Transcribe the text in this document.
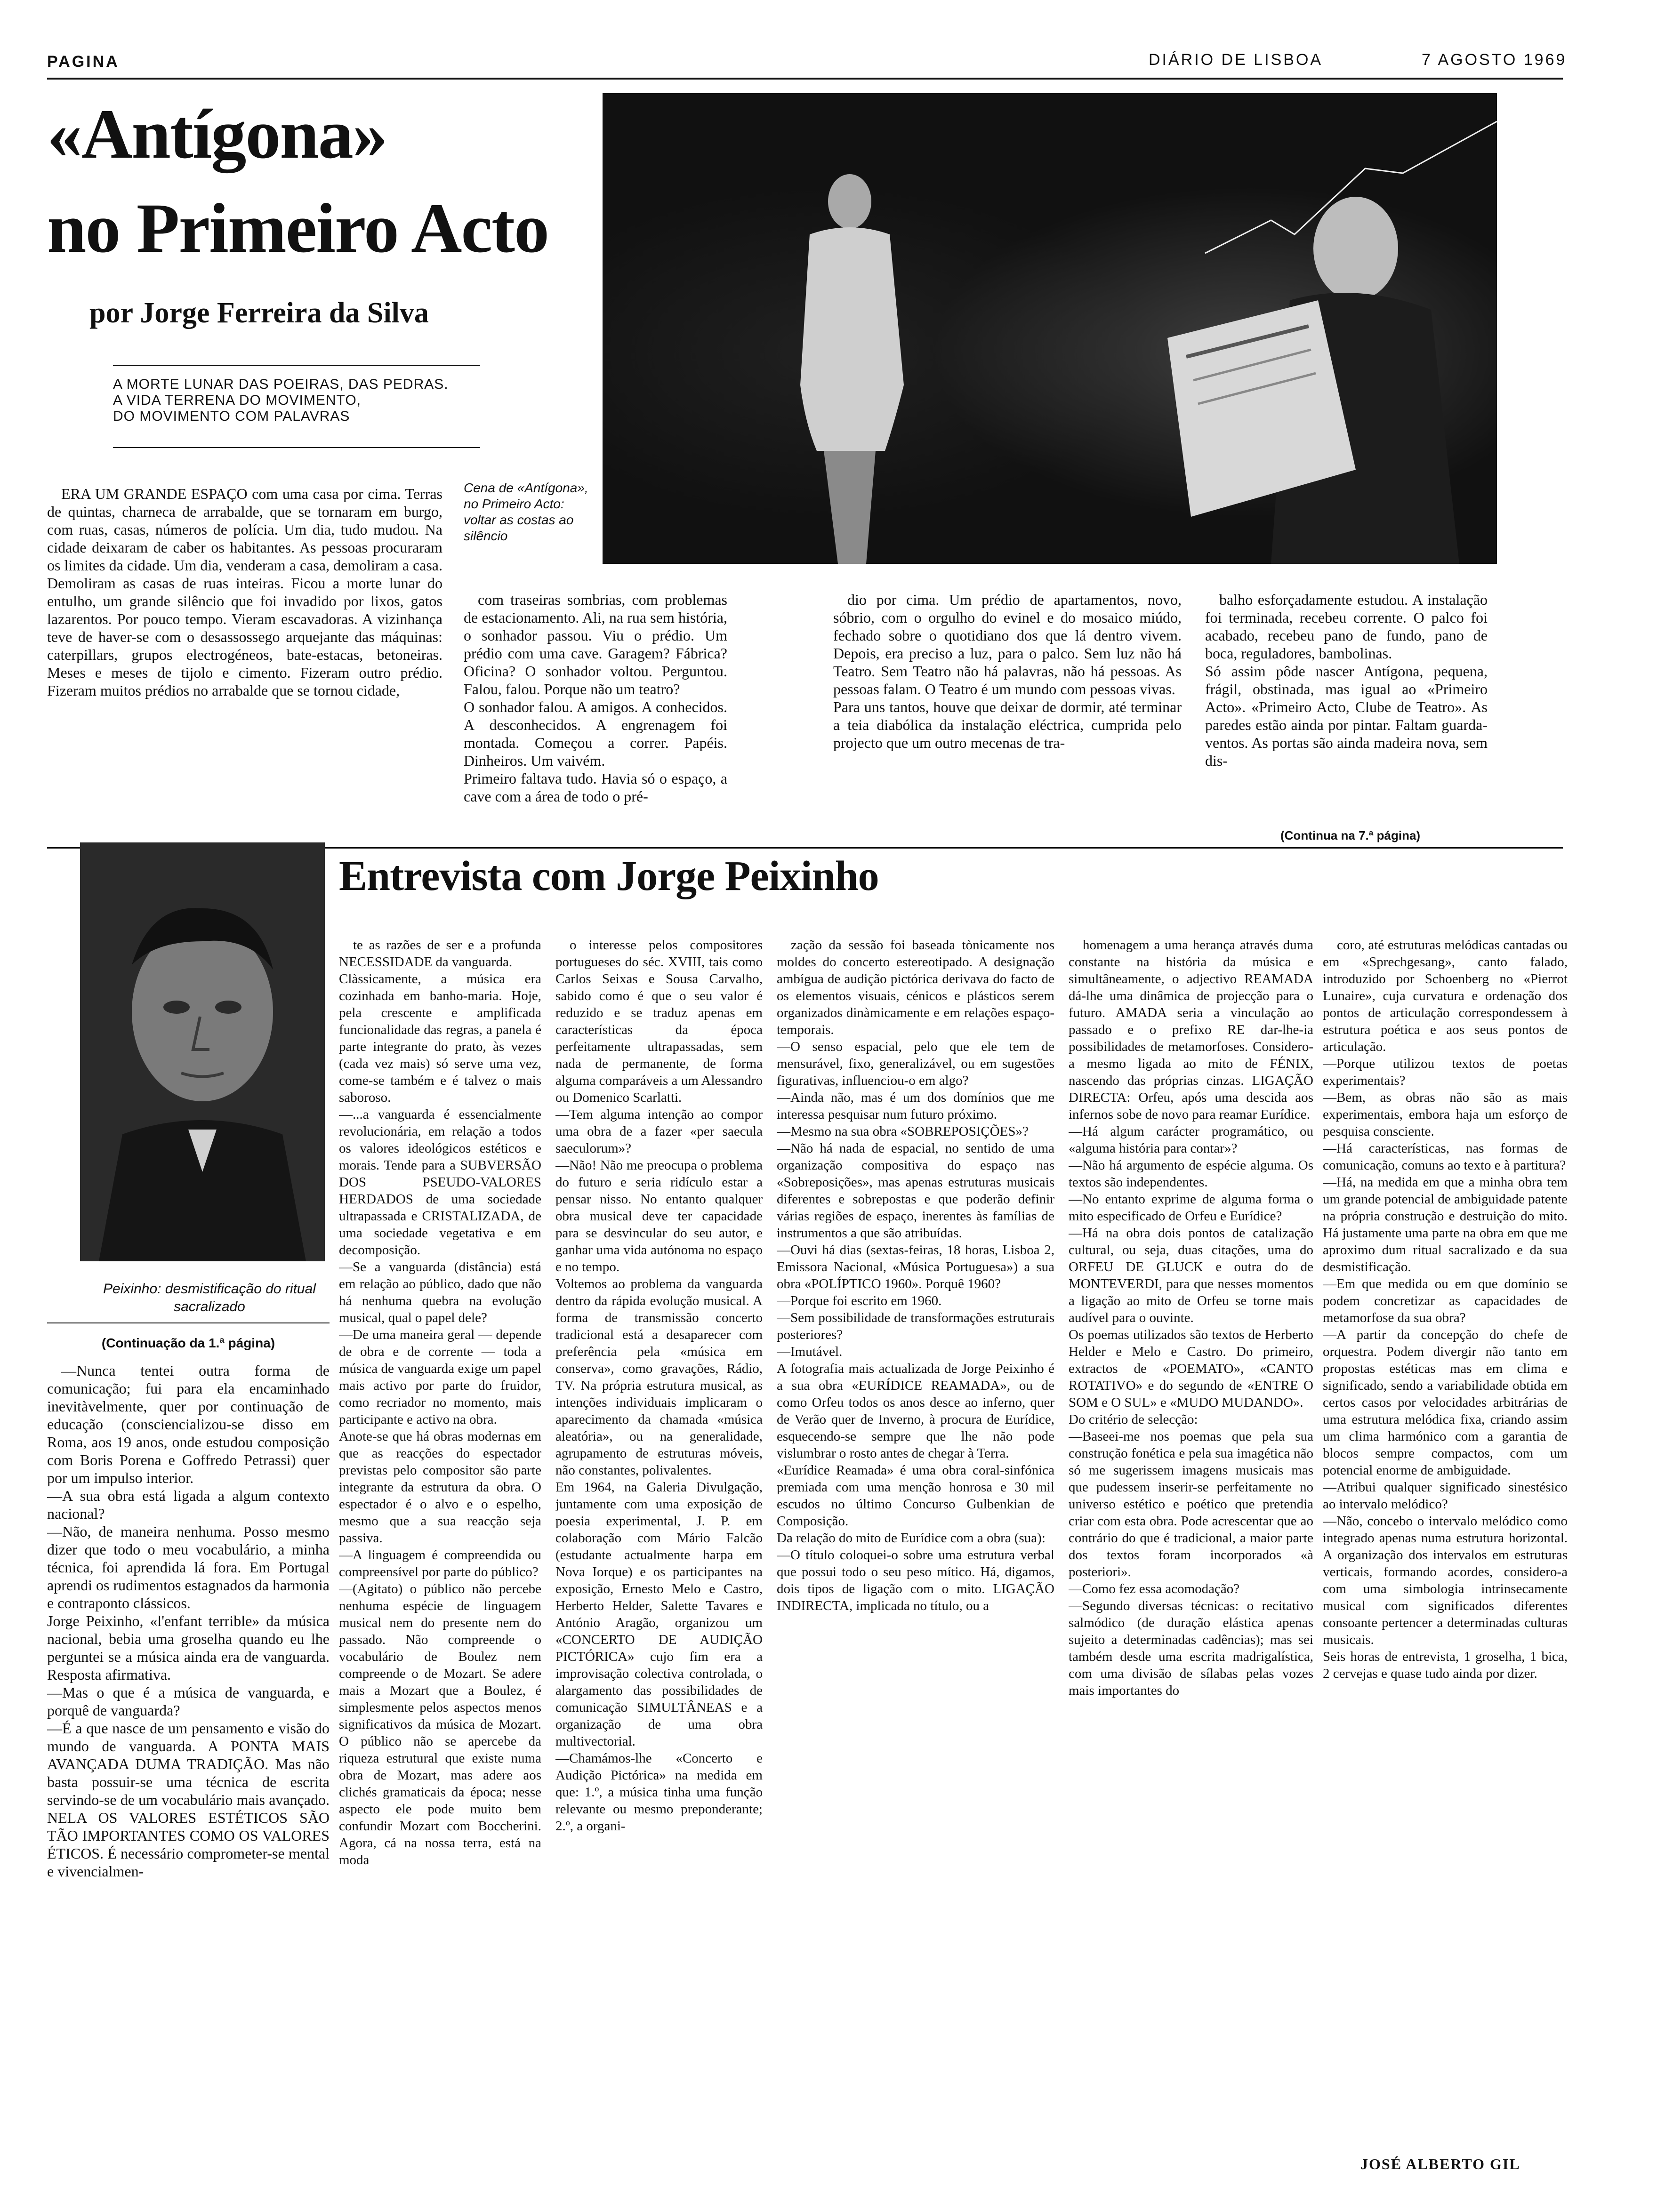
PAGINA	DIÁRIO DE LISBOA	7 AGOSTO 1969
«Antígona»
no Primeiro Acto
por Jorge Ferreira da Silva
A MORTE LUNAR DAS POEIRAS, DAS PEDRAS.
A VIDA TERRENA DO MOVIMENTO,
DO MOVIMENTO COM PALAVRAS
Cena de «Antígona», no Primeiro Acto: voltar as costas ao silêncio

ERA UM GRANDE ESPAÇO com uma casa por cima. Terras de quintas, charneca de arrabalde, que se tornaram em burgo, com ruas, casas, números de polícia. Um dia, tudo mudou. Na cidade deixaram de caber os habitantes. As pessoas procuraram os limites da cidade. Um dia, venderam a casa, demoliram a casa. Demoliram as casas de ruas inteiras. Ficou a morte lunar do entulho, um grande silêncio que foi invadido por lixos, gatos lazarentos. Por pouco tempo. Vieram escavadoras. A vizinhança teve de haver-se com o desassossego arquejante das máquinas: caterpillars, grupos electrogéneos, bate-estacas, betoneiras. Meses e meses de tijolo e cimento. Fizeram outro prédio. Fizeram muitos prédios no arrabalde que se tornou cidade,

com traseiras sombrias, com problemas de estacionamento. Ali, na rua sem história, o sonhador passou. Viu o prédio. Um prédio com uma cave. Garagem? Fábrica? Oficina? O sonhador voltou. Perguntou. Falou, falou. Porque não um teatro?
O sonhador falou. A amigos. A conhecidos. A desconhecidos. A engrenagem foi montada. Começou a correr. Papéis. Dinheiros. Um vaivém.
Primeiro faltava tudo. Havia só o espaço, a cave com a área de todo o pré-

dio por cima. Um prédio de apartamentos, novo, sóbrio, com o orgulho do evinel e do mosaico miúdo, fechado sobre o quotidiano dos que lá dentro vivem. Depois, era preciso a luz, para o palco. Sem luz não há Teatro. Sem Teatro não há palavras, não há pessoas. As pessoas falam. O Teatro é um mundo com pessoas vivas.
Para uns tantos, houve que deixar de dormir, até terminar a teia diabólica da instalação eléctrica, cumprida pelo projecto que um outro mecenas de tra-

balho esforçadamente estudou. A instalação foi terminada, recebeu corrente. O palco foi acabado, recebeu pano de fundo, pano de boca, reguladores, bambolinas.
Só assim pôde nascer Antígona, pequena, frágil, obstinada, mas igual ao «Primeiro Acto». «Primeiro Acto, Clube de Teatro». As paredes estão ainda por pintar. Faltam guarda-ventos. As portas são ainda madeira nova, sem dis-

(Continua na 7.ª página)
Peixinho: desmistificação do ritual sacralizado
Entrevista com Jorge Peixinho

(Continuação da 1.ª página)

—Nunca tentei outra forma de comunicação; fui para ela encaminhado inevitàvelmente, quer por continuação de educação (consciencializou-se disso em Roma, aos 19 anos, onde estudou composição com Boris Porena e Goffredo Petrassi) quer por um impulso interior.
—A sua obra está ligada a algum contexto nacional?
—Não, de maneira nenhuma. Posso mesmo dizer que todo o meu vocabulário, a minha técnica, foi aprendida lá fora. Em Portugal aprendi os rudimentos estagnados da harmonia e contraponto clássicos.
Jorge Peixinho, «l'enfant terrible» da música nacional, bebia uma groselha quando eu lhe perguntei se a música ainda era de vanguarda. Resposta afirmativa.
—Mas o que é a música de vanguarda, e porquê de vanguarda?
—É a que nasce de um pensamento e visão do mundo de vanguarda. A PONTA MAIS AVANÇADA DUMA TRADIÇÃO. Mas não basta possuir-se uma técnica de escrita servindo-se de um vocabulário mais avançado. NELA OS VALORES ESTÉTICOS SÃO TÃO IMPORTANTES COMO OS VALORES ÉTICOS. É necessário comprometer-se mental e vivencialmen-

te as razões de ser e a profunda NECESSIDADE da vanguarda.
Clàssicamente, a música era cozinhada em banho-maria. Hoje, pela crescente e amplificada funcionalidade das regras, a panela é parte integrante do prato, às vezes (cada vez mais) só serve uma vez, come-se também e é talvez o mais saboroso.
—...a vanguarda é essencialmente revolucionária, em relação a todos os valores ideológicos estéticos e morais. Tende para a SUBVERSÃO DOS PSEUDO-VALORES HERDADOS de uma sociedade ultrapassada e CRISTALIZADA, de uma sociedade vegetativa e em decomposição.
—Se a vanguarda (distância) está em relação ao público, dado que não há nenhuma quebra na evolução musical, qual o papel dele?
—De uma maneira geral — depende de obra e de corrente — toda a música de vanguarda exige um papel mais activo por parte do fruidor, como recriador no momento, mais participante e activo na obra.
Anote-se que há obras modernas em que as reacções do espectador previstas pelo compositor são parte integrante da estrutura da obra. O espectador é o alvo e o espelho, mesmo que a sua reacção seja passiva.
—A linguagem é compreendida ou compreensível por parte do público?
—(Agitato) o público não percebe nenhuma espécie de linguagem musical nem do presente nem do passado. Não compreende o vocabulário de Boulez nem compreende o de Mozart. Se adere mais a Mozart que a Boulez, é simplesmente pelos aspectos menos significativos da música de Mozart. O público não se apercebe da riqueza estrutural que existe numa obra de Mozart, mas adere aos clichés gramaticais da época; nesse aspecto ele pode muito bem confundir Mozart com Boccherini. Agora, cá na nossa terra, está na moda

o interesse pelos compositores portugueses do séc. XVIII, tais como Carlos Seixas e Sousa Carvalho, sabido como é que o seu valor é reduzido e se traduz apenas em características da época perfeitamente ultrapassadas, sem nada de permanente, de forma alguma comparáveis a um Alessandro ou Domenico Scarlatti.
—Tem alguma intenção ao compor uma obra de a fazer «per saecula saeculorum»?
—Não! Não me preocupa o problema do futuro e seria ridículo estar a pensar nisso. No entanto qualquer obra musical deve ter capacidade para se desvincular do seu autor, e ganhar uma vida autónoma no espaço e no tempo.
Voltemos ao problema da vanguarda dentro da rápida evolução musical. A forma de transmissão concerto tradicional está a desaparecer com preferência pela «música em conserva», como gravações, Rádio, TV. Na própria estrutura musical, as intenções individuais implicaram o aparecimento da chamada «música aleatória», ou na generalidade, agrupamento de estruturas móveis, não constantes, polivalentes.
Em 1964, na Galeria Divulgação, juntamente com uma exposição de poesia experimental, J. P. em colaboração com Mário Falcão (estudante actualmente harpa em Nova Iorque) e os participantes na exposição, Ernesto Melo e Castro, Herberto Helder, Salette Tavares e António Aragão, organizou um «CONCERTO DE AUDIÇÃO PICTÓRICA» cujo fim era a improvisação colectiva controlada, o alargamento das possibilidades de comunicação SIMULTÂNEAS e a organização de uma obra multivectorial.
—Chamámos-lhe «Concerto e Audição Pictórica» na medida em que: 1.º, a música tinha uma função relevante ou mesmo preponderante; 2.º, a organi-

zação da sessão foi baseada tònicamente nos moldes do concerto estereotipado. A designação ambígua de audição pictórica derivava do facto de os elementos visuais, cénicos e plásticos serem organizados dinàmicamente e em relações espaço-temporais.
—O senso espacial, pelo que ele tem de mensurável, fixo, generalizável, ou em sugestões figurativas, influenciou-o em algo?
—Ainda não, mas é um dos domínios que me interessa pesquisar num futuro próximo.
—Mesmo na sua obra «SOBREPOSIÇÕES»?
—Não há nada de espacial, no sentido de uma organização compositiva do espaço nas «Sobreposições», mas apenas estruturas musicais diferentes e sobrepostas e que poderão definir várias regiões de espaço, inerentes às famílias de instrumentos a que são atribuídas.
—Ouvi há dias (sextas-feiras, 18 horas, Lisboa 2, Emissora Nacional, «Música Portuguesa») a sua obra «POLÍPTICO 1960». Porquê 1960?
—Porque foi escrito em 1960.
—Sem possibilidade de transformações estruturais posteriores?
—Imutável.
A fotografia mais actualizada de Jorge Peixinho é a sua obra «EURÍDICE REAMADA», ou de como Orfeu todos os anos desce ao inferno, quer de Verão quer de Inverno, à procura de Eurídice, esquecendo-se sempre que lhe não pode vislumbrar o rosto antes de chegar à Terra.
«Eurídice Reamada» é uma obra coral-sinfónica premiada com uma menção honrosa e 30 mil escudos no último Concurso Gulbenkian de Composição.
Da relação do mito de Eurídice com a obra (sua):
—O título coloquei-o sobre uma estrutura verbal que possui todo o seu peso mítico. Há, digamos, dois tipos de ligação com o mito. LIGAÇÃO INDIRECTA, implicada no título, ou a

homenagem a uma herança através duma constante na história da música e simultâneamente, o adjectivo REAMADA dá-lhe uma dinâmica de projecção para o futuro. AMADA seria a vinculação ao passado e o prefixo RE dar-lhe-ia possibilidades de metamorfoses. Considero-a mesmo ligada ao mito de FÉNIX, nascendo das próprias cinzas. LIGAÇÃO DIRECTA: Orfeu, após uma descida aos infernos sobe de novo para reamar Eurídice.
—Há algum carácter programático, ou «alguma história para contar»?
—Não há argumento de espécie alguma. Os textos são independentes.
—No entanto exprime de alguma forma o mito especificado de Orfeu e Eurídice?
—Há na obra dois pontos de catalização cultural, ou seja, duas citações, uma do ORFEU DE GLUCK e outra do de MONTEVERDI, para que nesses momentos a ligação ao mito de Orfeu se torne mais audível para o ouvinte.
Os poemas utilizados são textos de Herberto Helder e Melo e Castro. Do primeiro, extractos de «POEMATO», «CANTO ROTATIVO» e do segundo de «ENTRE O SOM e O SUL» e «MUDO MUDANDO».
Do critério de selecção:
—Baseei-me nos poemas que pela sua construção fonética e pela sua imagética não só me sugerissem imagens musicais mas que pudessem inserir-se perfeitamente no universo estético e poético que pretendia criar com esta obra. Pode acrescentar que ao contrário do que é tradicional, a maior parte dos textos foram incorporados «à posteriori».
—Como fez essa acomodação?
—Segundo diversas técnicas: o recitativo salmódico (de duração elástica apenas sujeito a determinadas cadências); mas sei também desde uma escrita madrigalística, com uma divisão de sílabas pelas vozes mais importantes do

coro, até estruturas melódicas cantadas ou em «Sprechgesang», canto falado, introduzido por Schoenberg no «Pierrot Lunaire», cuja curvatura e ordenação dos pontos de articulação correspondessem à estrutura poética e aos seus pontos de articulação.
—Porque utilizou textos de poetas experimentais?
—Bem, as obras não são as mais experimentais, embora haja um esforço de pesquisa consciente.
—Há características, nas formas de comunicação, comuns ao texto e à partitura?
—Há, na medida em que a minha obra tem um grande potencial de ambiguidade patente na própria construção e destruição do mito. Há justamente uma parte na obra em que me aproximo dum ritual sacralizado e da sua desmistificação.
—Em que medida ou em que domínio se podem concretizar as capacidades de metamorfose da sua obra?
—A partir da concepção do chefe de orquestra. Podem divergir não tanto em propostas estéticas mas em clima e significado, sendo a variabilidade obtida em certos casos por velocidades arbitrárias de uma estrutura melódica fixa, criando assim um clima harmónico com a garantia de blocos sempre compactos, com um potencial enorme de ambiguidade.
—Atribui qualquer significado sinestésico ao intervalo melódico?
—Não, concebo o intervalo melódico como integrado apenas numa estrutura horizontal. A organização dos intervalos em estruturas verticais, formando acordes, considero-a com uma simbologia intrinsecamente musical com significados diferentes consoante pertencer a determinadas culturas musicais.
Seis horas de entrevista, 1 groselha, 1 bica, 2 cervejas e quase tudo ainda por dizer.

JOSÉ ALBERTO GIL
